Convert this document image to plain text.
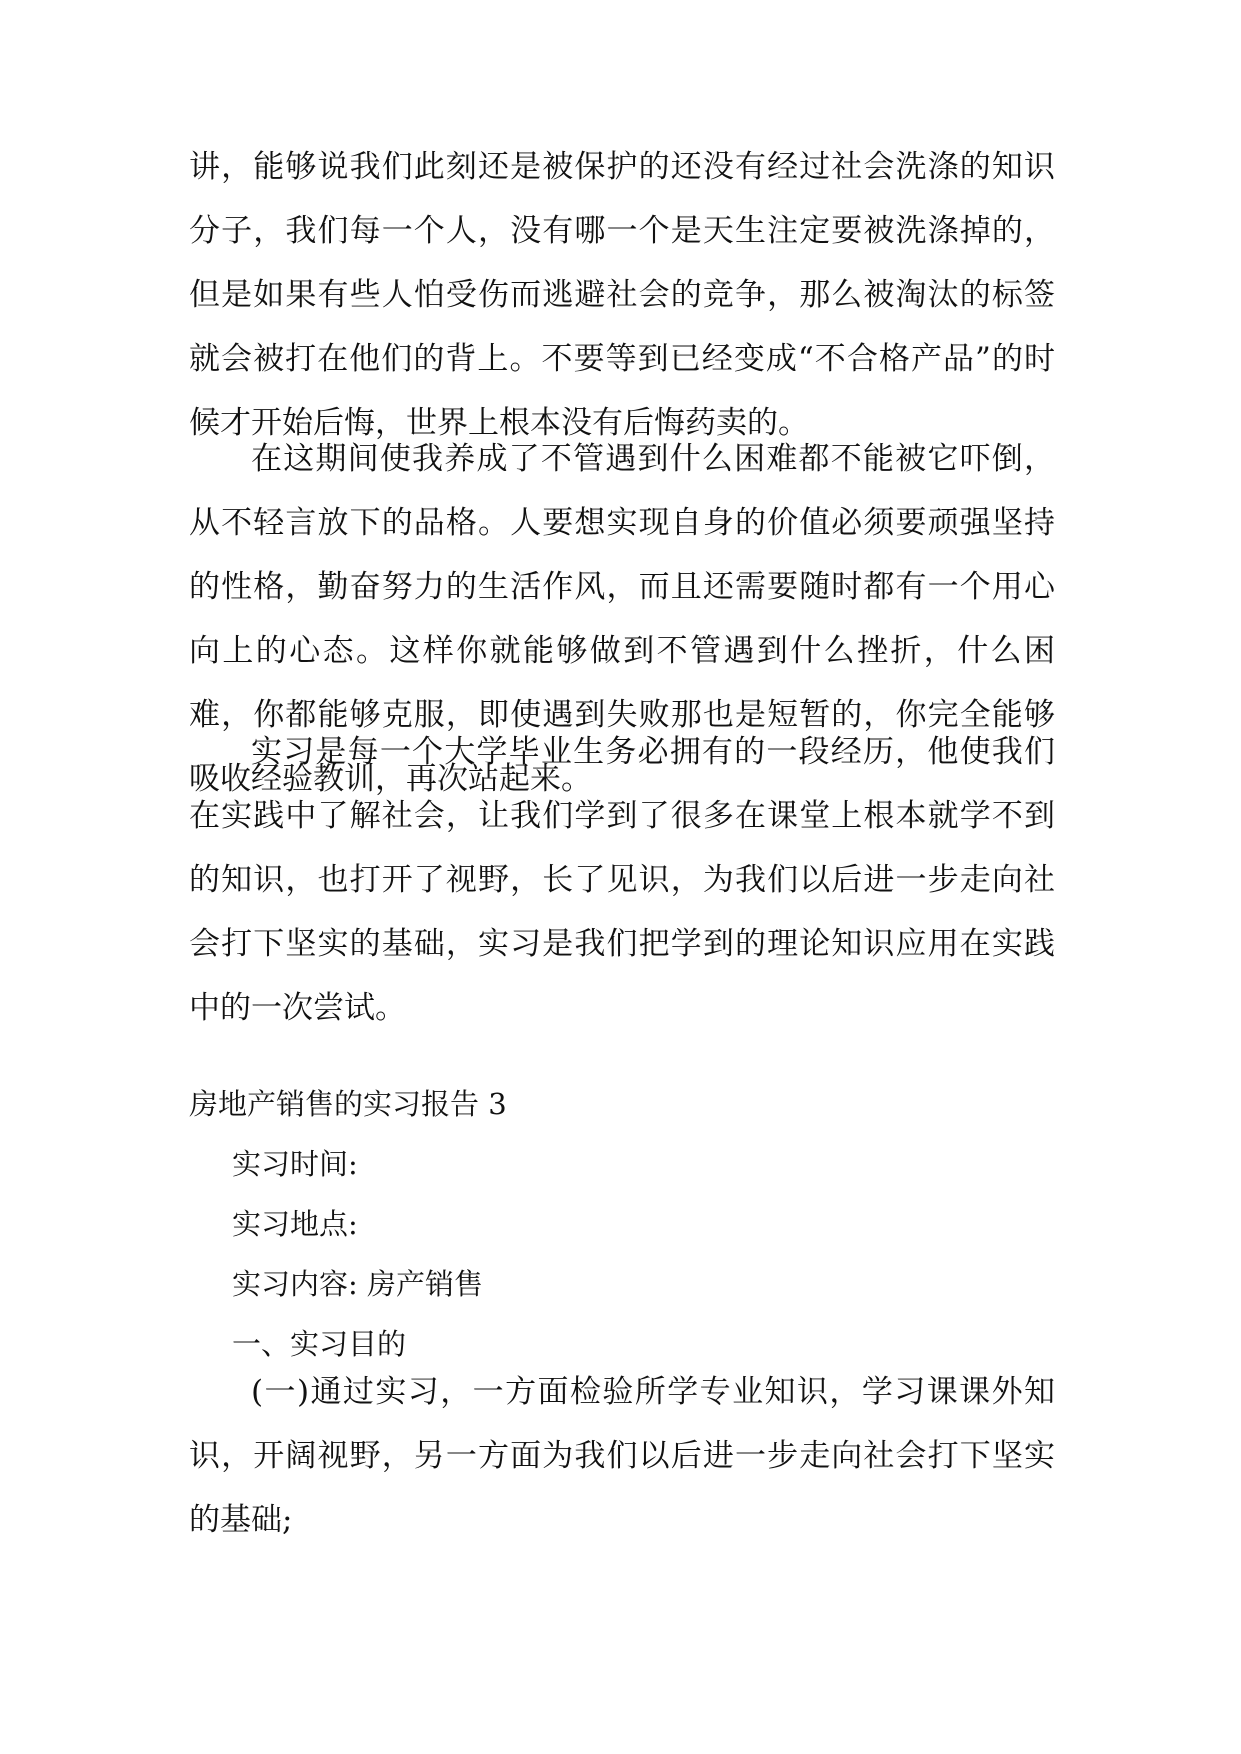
讲，能够说我们此刻还是被保护的还没有经过社会洗涤的知识分子，我们每一个人，没有哪一个是天生注定要被洗涤掉的，但是如果有些人怕受伤而逃避社会的竞争，那么被淘汰的标签就会被打在他们的背上。不要等到已经变成“不合格产品”的时候才开始后悔，世界上根本没有后悔药卖的。

在这期间使我养成了不管遇到什么困难都不能被它吓倒，从不轻言放下的品格。人要想实现自身的价值必须要顽强坚持的性格，勤奋努力的生活作风，而且还需要随时都有一个用心向上的心态。这样你就能够做到不管遇到什么挫折，什么困难，你都能够克服，即使遇到失败那也是短暂的，你完全能够吸收经验教训，再次站起来。

实习是每一个大学毕业生务必拥有的一段经历，他使我们在实践中了解社会，让我们学到了很多在课堂上根本就学不到的知识，也打开了视野，长了见识，为我们以后进一步走向社会打下坚实的基础，实习是我们把学到的理论知识应用在实践中的一次尝试。

房地产销售的实习报告 3

实习时间:

实习地点:

实习内容: 房产销售

一、实习目的

(一)通过实习，一方面检验所学专业知识，学习课课外知识，开阔视野，另一方面为我们以后进一步走向社会打下坚实的基础;
